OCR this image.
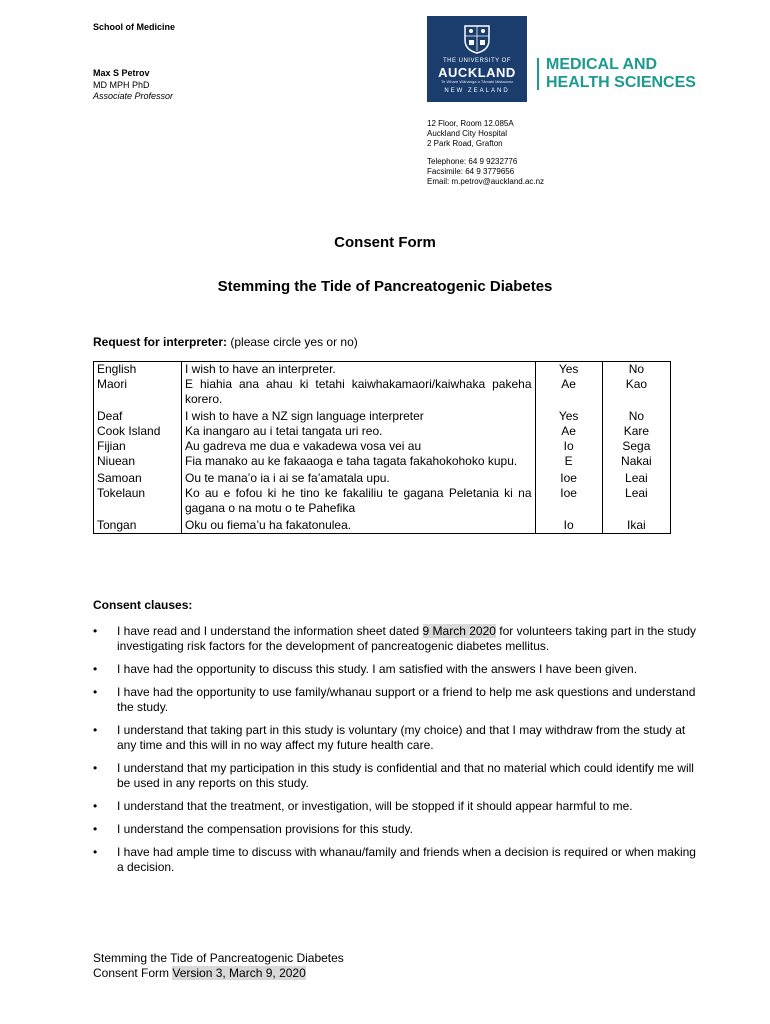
School of Medicine
Max S Petrov
MD MPH PhD
Associate Professor
THE UNIVERSITY OF
AUCKLAND
Te Whare Wānanga o Tāmaki Makaurau
NEW ZEALAND
MEDICAL AND
HEALTH SCIENCES
12 Floor, Room 12.085A
Auckland City Hospital
2 Park Road, Grafton
Telephone: 64 9 9232776
Facsimile: 64 9 3779656
Email: m.petrov@auckland.ac.nz
Consent Form
Stemming the Tide of Pancreatogenic Diabetes
Request for interpreter: (please circle yes or no)
English	I wish to have an interpreter.	Yes	No
Maori	E hiahia ana ahau ki tetahi kaiwhakamaori/kaiwhaka pakeha korero.	Ae	Kao
Deaf	I wish to have a NZ sign language interpreter	Yes	No
Cook Island	Ka inangaro au i tetai tangata uri reo.	Ae	Kare
Fijian	Au gadreva me dua e vakadewa vosa vei au	Io	Sega
Niuean	Fia manako au ke fakaaoga e taha tagata fakahokohoko kupu.	E	Nakai
Samoan	Ou te mana’o ia i ai se fa’amatala upu.	Ioe	Leai
Tokelaun	Ko au e fofou ki he tino ke fakaliliu te gagana Peletania ki na gagana o na motu o te Pahefika	Ioe	Leai
Tongan	Oku ou fiema’u ha fakatonulea.	Io	Ikai
Consent clauses:
• I have read and I understand the information sheet dated 9 March 2020 for volunteers taking part in the study investigating risk factors for the development of pancreatogenic diabetes mellitus.
• I have had the opportunity to discuss this study. I am satisfied with the answers I have been given.
• I have had the opportunity to use family/whanau support or a friend to help me ask questions and understand the study.
• I understand that taking part in this study is voluntary (my choice) and that I may withdraw from the study at any time and this will in no way affect my future health care.
• I understand that my participation in this study is confidential and that no material which could identify me will be used in any reports on this study.
• I understand that the treatment, or investigation, will be stopped if it should appear harmful to me.
• I understand the compensation provisions for this study.
• I have had ample time to discuss with whanau/family and friends when a decision is required or when making a decision.
Stemming the Tide of Pancreatogenic Diabetes
Consent Form Version 3, March 9, 2020
